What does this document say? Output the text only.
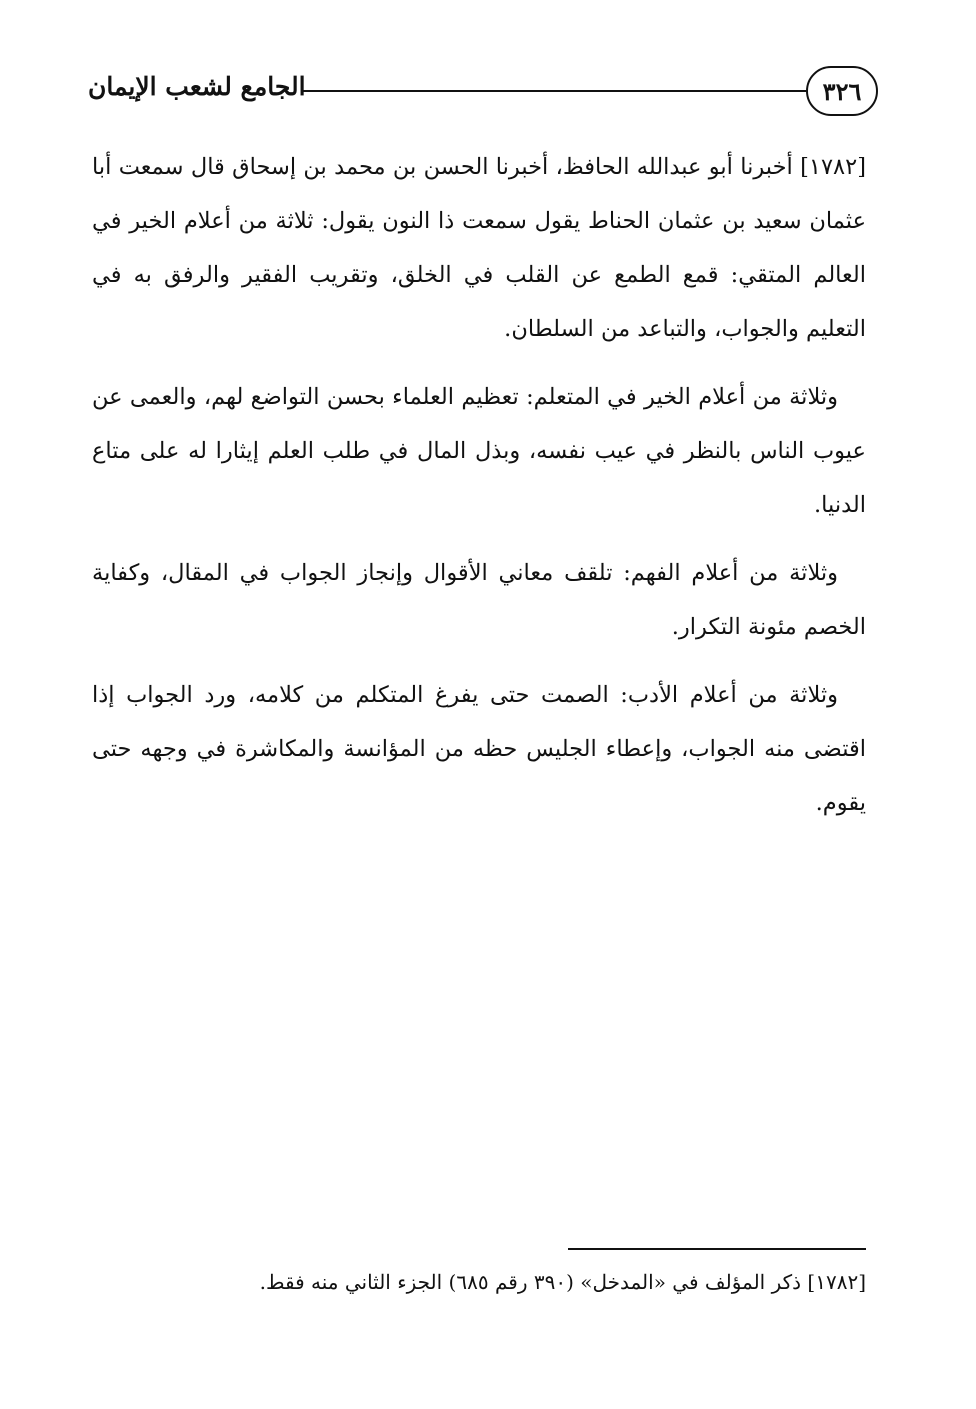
٣٢٦
الجامع لشعب الإيمان

[١٧٨٢] أخبرنا أبو عبدالله الحافظ، أخبرنا الحسن بن محمد بن إسحاق قال سمعت أبا عثمان سعيد بن عثمان الحناط يقول سمعت ذا النون يقول: ثلاثة من أعلام الخير في العالم المتقي: قمع الطمع عن القلب في الخلق، وتقريب الفقير والرفق به في التعليم والجواب، والتباعد من السلطان.

وثلاثة من أعلام الخير في المتعلم: تعظيم العلماء بحسن التواضع لهم، والعمى عن عيوب الناس بالنظر في عيب نفسه، وبذل المال في طلب العلم إيثارا له على متاع الدنيا.

وثلاثة من أعلام الفهم: تلقف معاني الأقوال وإنجاز الجواب في المقال، وكفاية الخصم مئونة التكرار.

وثلاثة من أعلام الأدب: الصمت حتى يفرغ المتكلم من كلامه، ورد الجواب إذا اقتضى منه الجواب، وإعطاء الجليس حظه من المؤانسة والمكاشرة في وجهه حتى يقوم.

[١٧٨٢] ذكر المؤلف في «المدخل» (٣٩٠ رقم ٦٨٥) الجزء الثاني منه فقط.
